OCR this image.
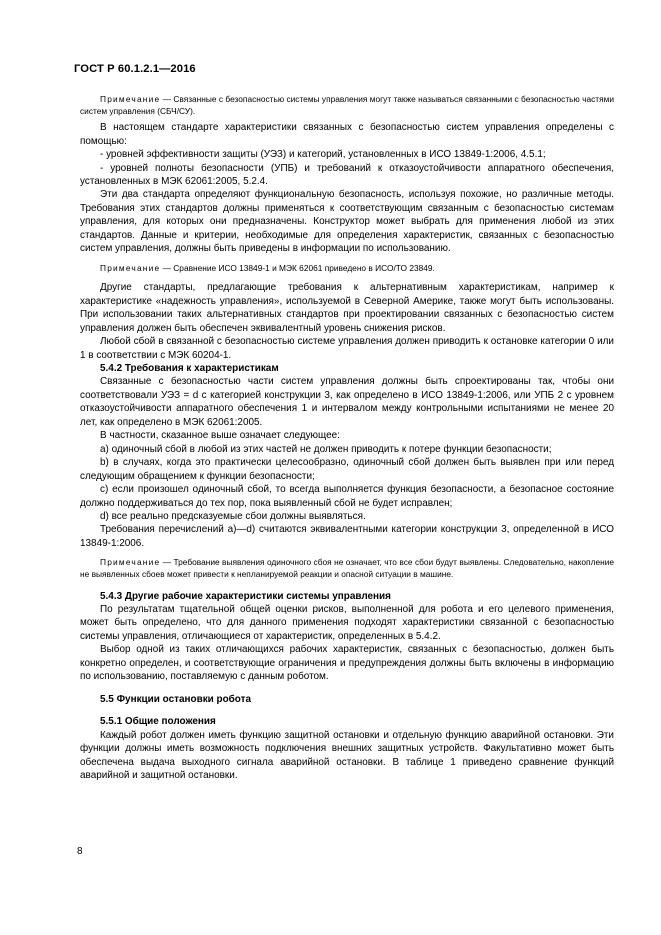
ГОСТ Р 60.1.2.1—2016
Примечание — Связанные с безопасностью системы управления могут также называться связанными с безопасностью частями систем управления (СБЧ/СУ).
В настоящем стандарте характеристики связанных с безопасностью систем управления определены с помощью:
- уровней эффективности защиты (УЭЗ) и категорий, установленных в ИСО 13849-1:2006, 4.5.1;
- уровней полноты безопасности (УПБ) и требований к отказоустойчивости аппаратного обеспечения, установленных в МЭК 62061:2005, 5.2.4.
Эти два стандарта определяют функциональную безопасность, используя похожие, но различные методы. Требования этих стандартов должны применяться к соответствующим связанным с безопасностью системам управления, для которых они предназначены. Конструктор может выбрать для применения любой из этих стандартов. Данные и критерии, необходимые для определения характеристик, связанных с безопасностью систем управления, должны быть приведены в информации по использованию.
Примечание — Сравнение ИСО 13849-1 и МЭК 62061 приведено в ИСО/ТО 23849.
Другие стандарты, предлагающие требования к альтернативным характеристикам, например к характеристике «надежность управления», используемой в Северной Америке, также могут быть использованы. При использовании таких альтернативных стандартов при проектировании связанных с безопасностью систем управления должен быть обеспечен эквивалентный уровень снижения рисков.
Любой сбой в связанной с безопасностью системе управления должен приводить к остановке категории 0 или 1 в соответствии с МЭК 60204-1.
5.4.2 Требования к характеристикам
Связанные с безопасностью части систем управления должны быть спроектированы так, чтобы они соответствовали УЭЗ = d с категорией конструкции 3, как определено в ИСО 13849-1:2006, или УПБ 2 с уровнем отказоустойчивости аппаратного обеспечения 1 и интервалом между контрольными испытаниями не менее 20 лет, как определено в МЭК 62061:2005.
В частности, сказанное выше означает следующее:
a) одиночный сбой в любой из этих частей не должен приводить к потере функции безопасности;
b) в случаях, когда это практически целесообразно, одиночный сбой должен быть выявлен при или перед следующим обращением к функции безопасности;
c) если произошел одиночный сбой, то всегда выполняется функция безопасности, а безопасное состояние должно поддерживаться до тех пор, пока выявленный сбой не будет исправлен;
d) все реально предсказуемые сбои должны выявляться.
Требования перечислений a)—d) считаются эквивалентными категории конструкции 3, определенной в ИСО 13849-1:2006.
Примечание — Требование выявления одиночного сбоя не означает, что все сбои будут выявлены. Следовательно, накопление не выявленных сбоев может привести к непланируемой реакции и опасной ситуации в машине.
5.4.3 Другие рабочие характеристики системы управления
По результатам тщательной общей оценки рисков, выполненной для робота и его целевого применения, может быть определено, что для данного применения подходят характеристики связанной с безопасностью системы управления, отличающиеся от характеристик, определенных в 5.4.2.
Выбор одной из таких отличающихся рабочих характеристик, связанных с безопасностью, должен быть конкретно определен, и соответствующие ограничения и предупреждения должны быть включены в информацию по использованию, поставляемую с данным роботом.
5.5 Функции остановки робота
5.5.1 Общие положения
Каждый робот должен иметь функцию защитной остановки и отдельную функцию аварийной остановки. Эти функции должны иметь возможность подключения внешних защитных устройств. Факультативно может быть обеспечена выдача выходного сигнала аварийной остановки. В таблице 1 приведено сравнение функций аварийной и защитной остановки.
8
